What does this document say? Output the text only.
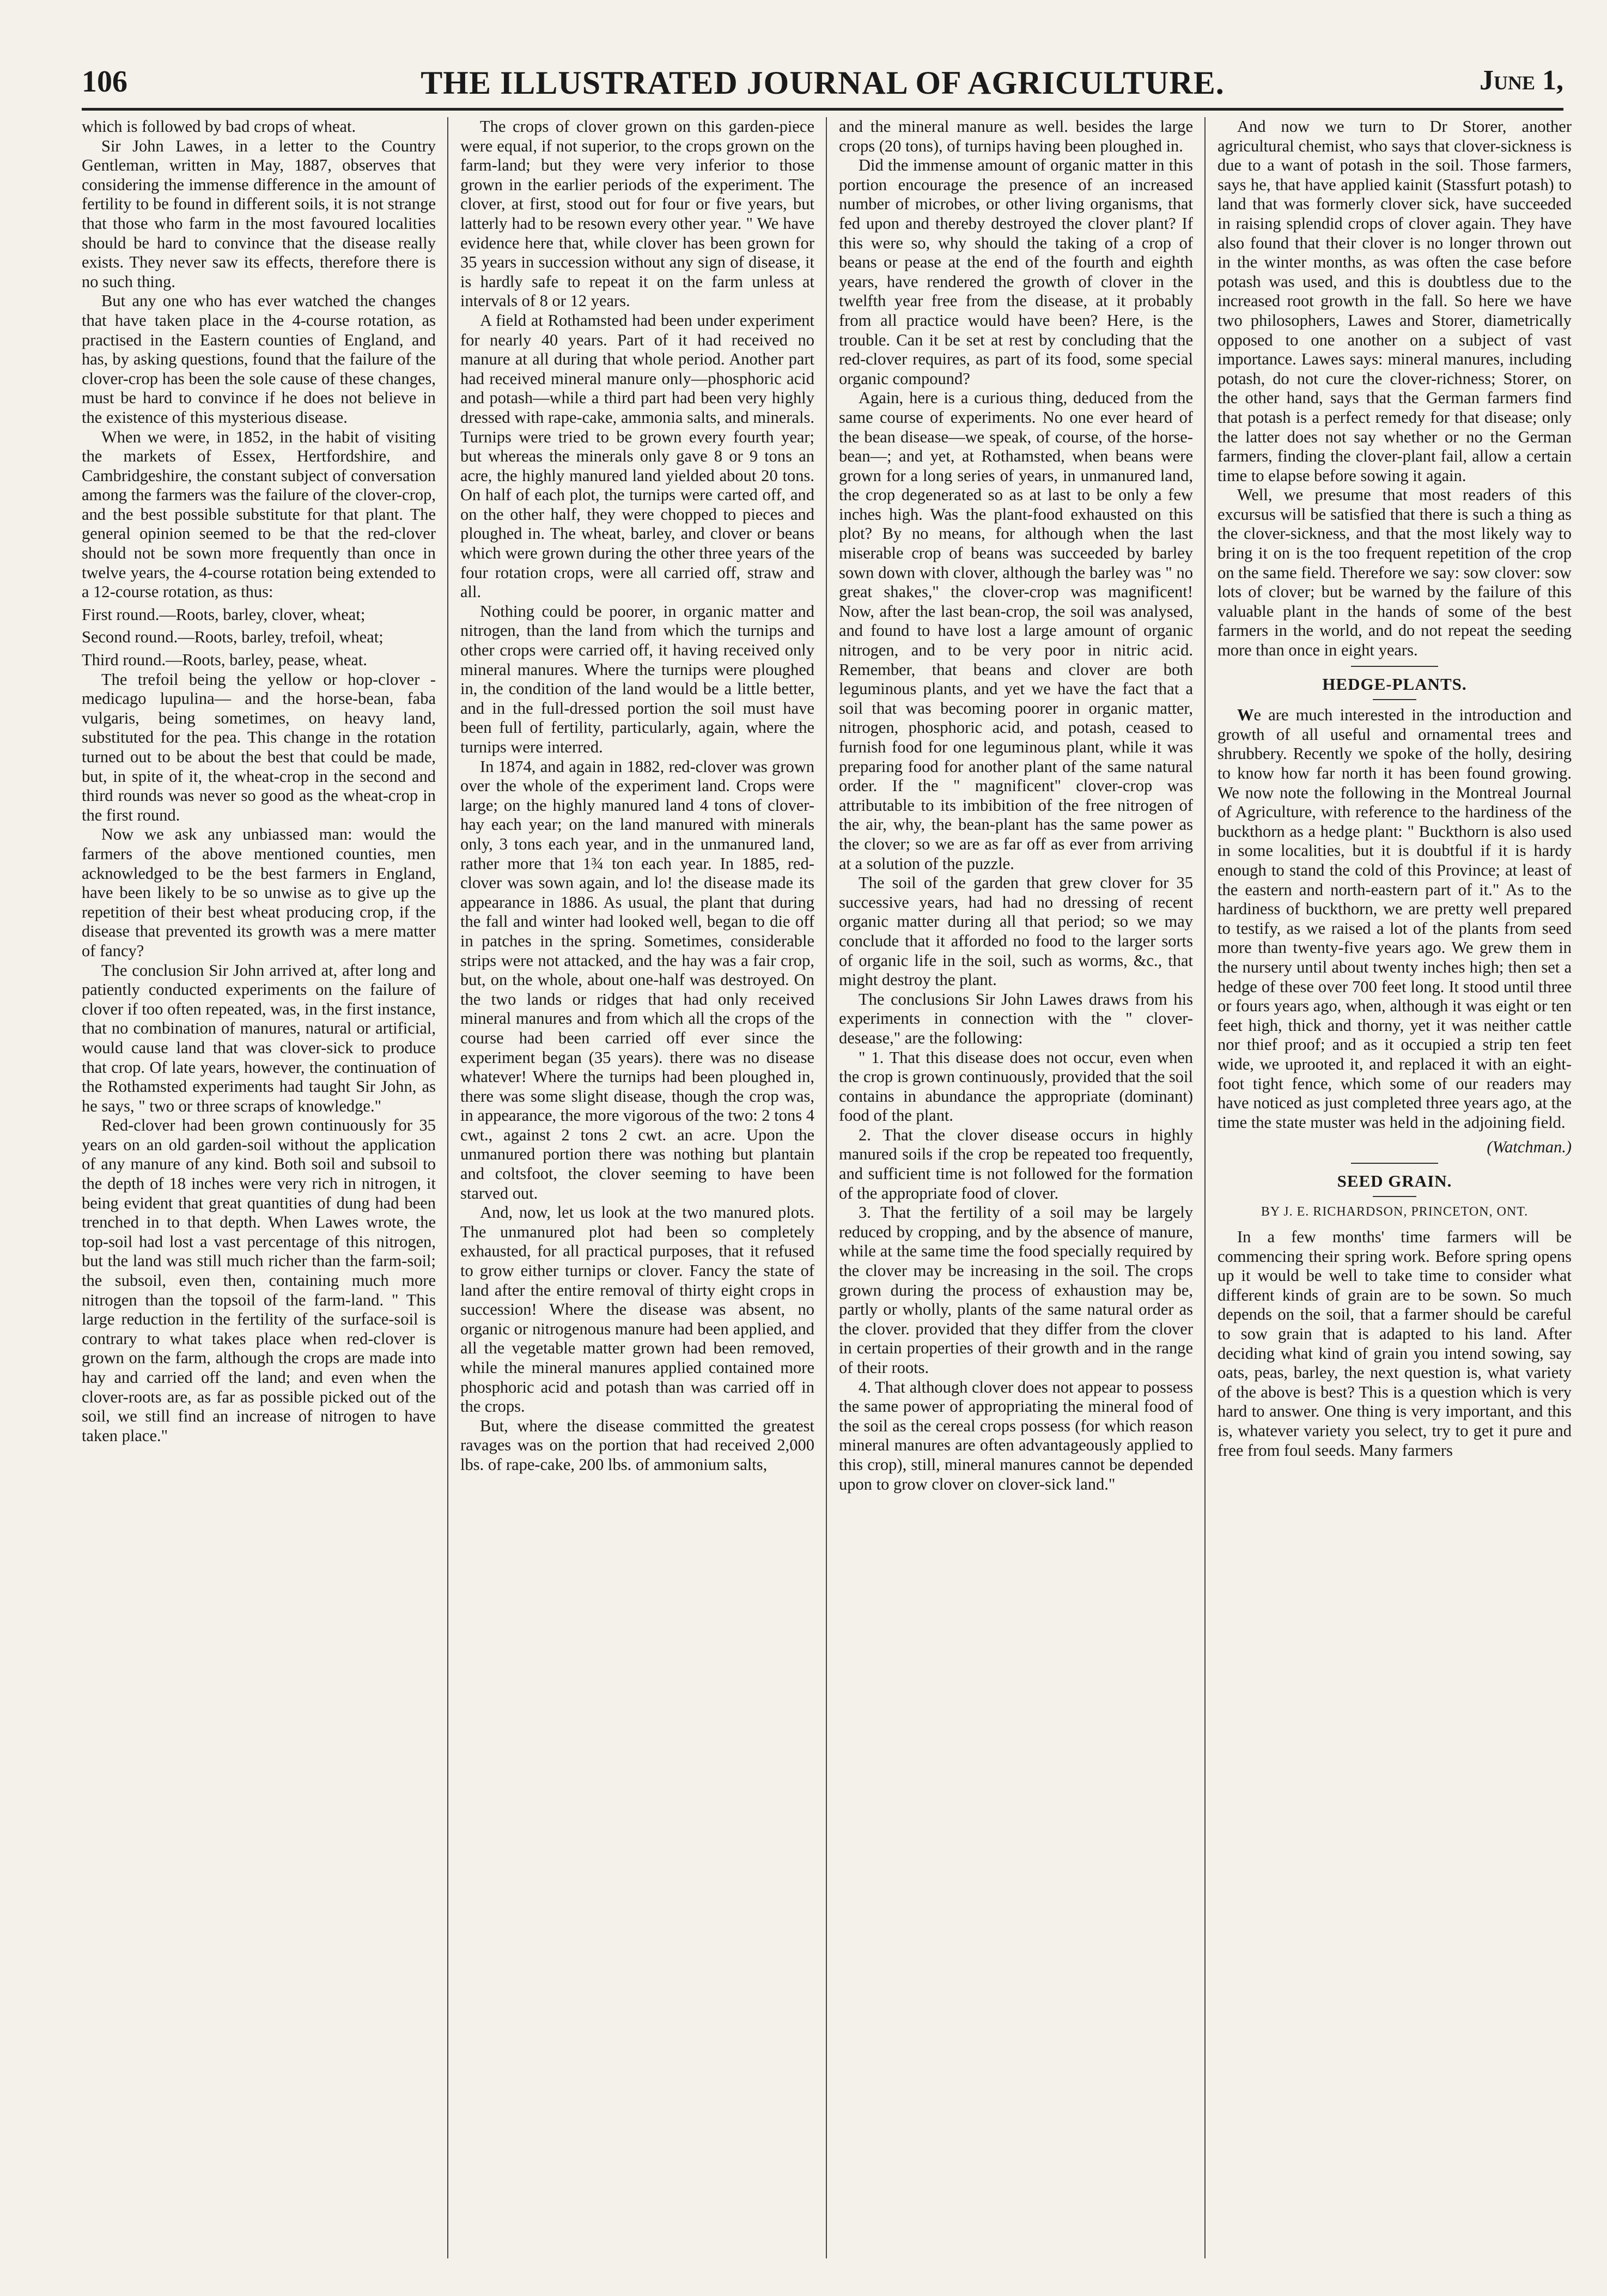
106	THE ILLUSTRATED JOURNAL OF AGRICULTURE.	June 1,

which is followed by bad crops of wheat.

Sir John Lawes, in a letter to the Country Gentleman, written in May, 1887, observes that considering the immense difference in the amount of fertility to be found in different soils, it is not strange that those who farm in the most favoured localities should be hard to convince that the disease really exists. They never saw its effects, therefore there is no such thing.

But any one who has ever watched the changes that have taken place in the 4-course rotation, as practised in the Eastern counties of England, and has, by asking questions, found that the failure of the clover-crop has been the sole cause of these changes, must be hard to convince if he does not believe in the existence of this mysterious disease.

When we were, in 1852, in the habit of visiting the markets of Essex, Hertfordshire, and Cambridgeshire, the constant subject of conversation among the farmers was the failure of the clover-crop, and the best possible substitute for that plant. The general opinion seemed to be that the red-clover should not be sown more frequently than once in twelve years, the 4-course rotation being extended to a 12-course rotation, as thus:

First round.—Roots, barley, clover, wheat;

Second round.—Roots, barley, trefoil, wheat;

Third round.—Roots, barley, pease, wheat.

The trefoil being the yellow or hop-clover - medicago lupulina— and the horse-bean, faba vulgaris, being sometimes, on heavy land, substituted for the pea. This change in the rotation turned out to be about the best that could be made, but, in spite of it, the wheat-crop in the second and third rounds was never so good as the wheat-crop in the first round.

Now we ask any unbiassed man: would the farmers of the above mentioned counties, men acknowledged to be the best farmers in England, have been likely to be so unwise as to give up the repetition of their best wheat producing crop, if the disease that prevented its growth was a mere matter of fancy?

The conclusion Sir John arrived at, after long and patiently conducted experiments on the failure of clover if too often repeated, was, in the first instance, that no combination of manures, natural or artificial, would cause land that was clover-sick to produce that crop. Of late years, however, the continuation of the Rothamsted experiments had taught Sir John, as he says, " two or three scraps of knowledge."

Red-clover had been grown continuously for 35 years on an old garden-soil without the application of any manure of any kind. Both soil and subsoil to the depth of 18 inches were very rich in nitrogen, it being evident that great quantities of dung had been trenched in to that depth. When Lawes wrote, the top-soil had lost a vast percentage of this nitrogen, but the land was still much richer than the farm-soil; the subsoil, even then, containing much more nitrogen than the topsoil of the farm-land. " This large reduction in the fertility of the surface-soil is contrary to what takes place when red-clover is grown on the farm, although the crops are made into hay and carried off the land; and even when the clover-roots are, as far as possible picked out of the soil, we still find an increase of nitrogen to have taken place."

The crops of clover grown on this garden-piece were equal, if not superior, to the crops grown on the farm-land; but they were very inferior to those grown in the earlier periods of the experiment. The clover, at first, stood out for four or five years, but latterly had to be resown every other year. " We have evidence here that, while clover has been grown for 35 years in succession without any sign of disease, it is hardly safe to repeat it on the farm unless at intervals of 8 or 12 years.

A field at Rothamsted had been under experiment for nearly 40 years. Part of it had received no manure at all during that whole period. Another part had received mineral manure only—phosphoric acid and potash—while a third part had been very highly dressed with rape-cake, ammonia salts, and minerals. Turnips were tried to be grown every fourth year; but whereas the minerals only gave 8 or 9 tons an acre, the highly manured land yielded about 20 tons. On half of each plot, the turnips were carted off, and on the other half, they were chopped to pieces and ploughed in. The wheat, barley, and clover or beans which were grown during the other three years of the four rotation crops, were all carried off, straw and all.

Nothing could be poorer, in organic matter and nitrogen, than the land from which the turnips and other crops were carried off, it having received only mineral manures. Where the turnips were ploughed in, the condition of the land would be a little better, and in the full-dressed portion the soil must have been full of fertility, particularly, again, where the turnips were interred.

In 1874, and again in 1882, red-clover was grown over the whole of the experiment land. Crops were large; on the highly manured land 4 tons of clover-hay each year; on the land manured with minerals only, 3 tons each year, and in the unmanured land, rather more that 1¾ ton each year. In 1885, red-clover was sown again, and lo! the disease made its appearance in 1886. As usual, the plant that during the fall and winter had looked well, began to die off in patches in the spring. Sometimes, considerable strips were not attacked, and the hay was a fair crop, but, on the whole, about one-half was destroyed. On the two lands or ridges that had only received mineral manures and from which all the crops of the course had been carried off ever since the experiment began (35 years). there was no disease whatever! Where the turnips had been ploughed in, there was some slight disease, though the crop was, in appearance, the more vigorous of the two: 2 tons 4 cwt., against 2 tons 2 cwt. an acre. Upon the unmanured portion there was nothing but plantain and coltsfoot, the clover seeming to have been starved out.

And, now, let us look at the two manured plots. The unmanured plot had been so completely exhausted, for all practical purposes, that it refused to grow either turnips or clover. Fancy the state of land after the entire removal of thirty eight crops in succession! Where the disease was absent, no organic or nitrogenous manure had been applied, and all the vegetable matter grown had been removed, while the mineral manures applied contained more phosphoric acid and potash than was carried off in the crops.

But, where the disease committed the greatest ravages was on the portion that had received 2,000 lbs. of rape-cake, 200 lbs. of ammonium salts,

and the mineral manure as well. besides the large crops (20 tons), of turnips having been ploughed in.

Did the immense amount of organic matter in this portion encourage the presence of an increased number of microbes, or other living organisms, that fed upon and thereby destroyed the clover plant? If this were so, why should the taking of a crop of beans or pease at the end of the fourth and eighth years, have rendered the growth of clover in the twelfth year free from the disease, at it probably from all practice would have been? Here, is the trouble. Can it be set at rest by concluding that the red-clover requires, as part of its food, some special organic compound?

Again, here is a curious thing, deduced from the same course of experiments. No one ever heard of the bean disease—we speak, of course, of the horse-bean—; and yet, at Rothamsted, when beans were grown for a long series of years, in unmanured land, the crop degenerated so as at last to be only a few inches high. Was the plant-food exhausted on this plot? By no means, for although when the last miserable crop of beans was succeeded by barley sown down with clover, although the barley was " no great shakes," the clover-crop was magnificent! Now, after the last bean-crop, the soil was analysed, and found to have lost a large amount of organic nitrogen, and to be very poor in nitric acid. Remember, that beans and clover are both leguminous plants, and yet we have the fact that a soil that was becoming poorer in organic matter, nitrogen, phosphoric acid, and potash, ceased to furnish food for one leguminous plant, while it was preparing food for another plant of the same natural order. If the " magnificent" clover-crop was attributable to its imbibition of the free nitrogen of the air, why, the bean-plant has the same power as the clover; so we are as far off as ever from arriving at a solution of the puzzle.

The soil of the garden that grew clover for 35 successive years, had had no dressing of recent organic matter during all that period; so we may conclude that it afforded no food to the larger sorts of organic life in the soil, such as worms, &c., that might destroy the plant.

The conclusions Sir John Lawes draws from his experiments in connection with the " clover-desease," are the following:

" 1. That this disease does not occur, even when the crop is grown continuously, provided that the soil contains in abundance the appropriate (dominant) food of the plant.

2. That the clover disease occurs in highly manured soils if the crop be repeated too frequently, and sufficient time is not followed for the formation of the appropriate food of clover.

3. That the fertility of a soil may be largely reduced by cropping, and by the absence of manure, while at the same time the food specially required by the clover may be increasing in the soil. The crops grown during the process of exhaustion may be, partly or wholly, plants of the same natural order as the clover. provided that they differ from the clover in certain properties of their growth and in the range of their roots.

4. That although clover does not appear to possess the same power of appropriating the mineral food of the soil as the cereal crops possess (for which reason mineral manures are often advantageously applied to this crop), still, mineral manures cannot be depended upon to grow clover on clover-sick land."

And now we turn to Dr Storer, another agricultural chemist, who says that clover-sickness is due to a want of potash in the soil. Those farmers, says he, that have applied kainit (Stassfurt potash) to land that was formerly clover sick, have succeeded in raising splendid crops of clover again. They have also found that their clover is no longer thrown out in the winter months, as was often the case before potash was used, and this is doubtless due to the increased root growth in the fall. So here we have two philosophers, Lawes and Storer, diametrically opposed to one another on a subject of vast importance. Lawes says: mineral manures, including potash, do not cure the clover-richness; Storer, on the other hand, says that the German farmers find that potash is a perfect remedy for that disease; only the latter does not say whether or no the German farmers, finding the clover-plant fail, allow a certain time to elapse before sowing it again.

Well, we presume that most readers of this excursus will be satisfied that there is such a thing as the clover-sickness, and that the most likely way to bring it on is the too frequent repetition of the crop on the same field. Therefore we say: sow clover: sow lots of clover; but be warned by the failure of this valuable plant in the hands of some of the best farmers in the world, and do not repeat the seeding more than once in eight years.

HEDGE-PLANTS.

We are much interested in the introduction and growth of all useful and ornamental trees and shrubbery. Recently we spoke of the holly, desiring to know how far north it has been found growing. We now note the following in the Montreal Journal of Agriculture, with reference to the hardiness of the buckthorn as a hedge plant: " Buckthorn is also used in some localities, but it is doubtful if it is hardy enough to stand the cold of this Province; at least of the eastern and north-eastern part of it." As to the hardiness of buckthorn, we are pretty well prepared to testify, as we raised a lot of the plants from seed more than twenty-five years ago. We grew them in the nursery until about twenty inches high; then set a hedge of these over 700 feet long. It stood until three or fours years ago, when, although it was eight or ten feet high, thick and thorny, yet it was neither cattle nor thief proof; and as it occupied a strip ten feet wide, we uprooted it, and replaced it with an eight-foot tight fence, which some of our readers may have noticed as just completed three years ago, at the time the state muster was held in the adjoining field.

(Watchman.)
SEED GRAIN.
BY J. E. RICHARDSON, PRINCETON, ONT.

In a few months' time farmers will be commencing their spring work. Before spring opens up it would be well to take time to consider what different kinds of grain are to be sown. So much depends on the soil, that a farmer should be careful to sow grain that is adapted to his land. After deciding what kind of grain you intend sowing, say oats, peas, barley, the next question is, what variety of the above is best? This is a question which is very hard to answer. One thing is very important, and this is, whatever variety you select, try to get it pure and free from foul seeds. Many farmers
